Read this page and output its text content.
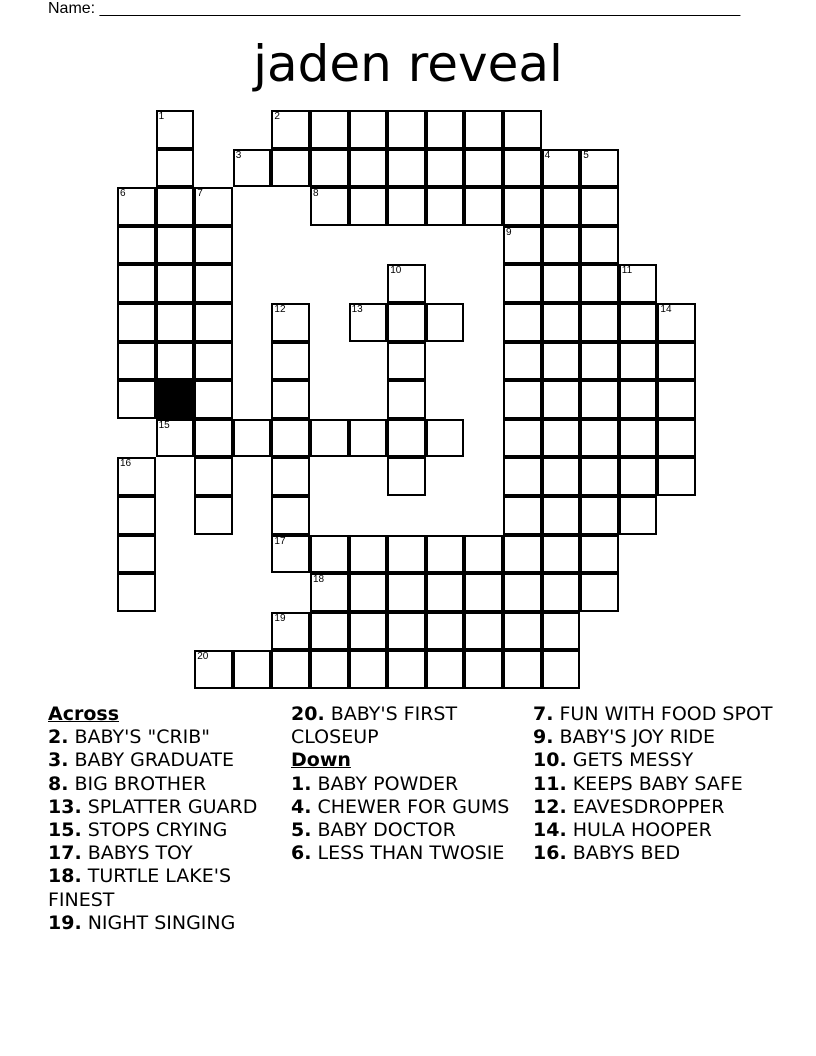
Name: ________________________________________________________________________
jaden reveal
1	2
3	4	5
6	7	8
9
10	11
12	13	14
15
16
17
18
19
20
Across
2. BABY'S "CRIB"
3. BABY GRADUATE
8. BIG BROTHER
13. SPLATTER GUARD
15. STOPS CRYING
17. BABYS TOY
18. TURTLE LAKE'S FINEST
19. NIGHT SINGING
20. BABY'S FIRST CLOSEUP
Down
1. BABY POWDER
4. CHEWER FOR GUMS
5. BABY DOCTOR
6. LESS THAN TWOSIE
7. FUN WITH FOOD SPOT
9. BABY'S JOY RIDE
10. GETS MESSY
11. KEEPS BABY SAFE
12. EAVESDROPPER
14. HULA HOOPER
16. BABYS BED
